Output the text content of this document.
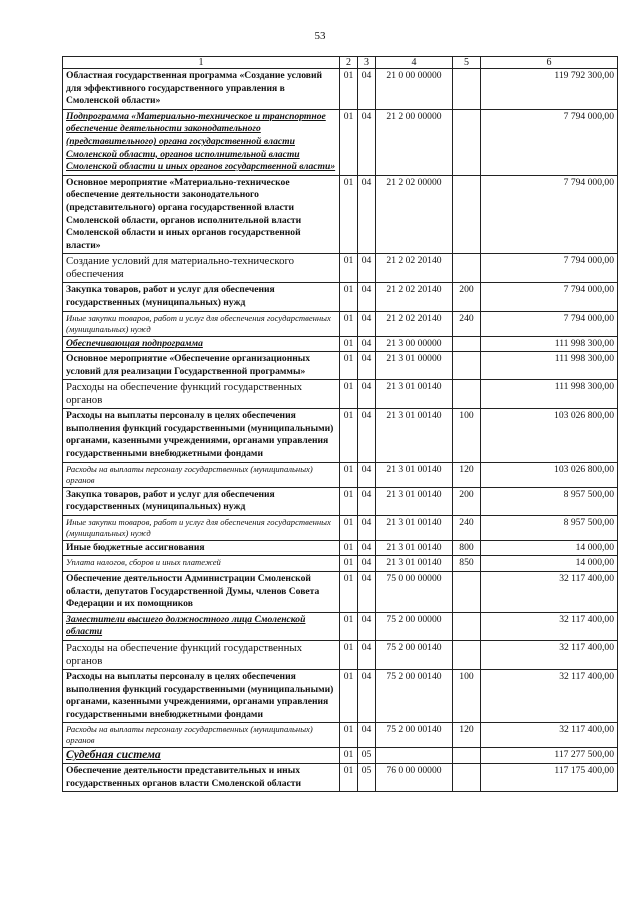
53
1	2	3	4	5	6
Областная государственная программа «Создание условий для эффективного государственного управления в Смоленской области»	01	04	21 0 00 00000		119 792 300,00
Подпрограмма «Материально-техническое и транспортное обеспечение деятельности законодательного (представительного) органа государственной власти Смоленской области, органов исполнительной власти Смоленской области и иных органов государственной власти»	01	04	21 2 00 00000		7 794 000,00
Основное мероприятие «Материально-техническое обеспечение деятельности законодательного (представительного) органа государственной власти Смоленской области, органов исполнительной власти Смоленской области и иных органов государственной власти»	01	04	21 2 02 00000		7 794 000,00
Создание условий для материально-технического обеспечения	01	04	21 2 02 20140		7 794 000,00
Закупка товаров, работ и услуг для обеспечения государственных (муниципальных) нужд	01	04	21 2 02 20140	200	7 794 000,00
Иные закупки товаров, работ и услуг для обеспечения государственных (муниципальных) нужд	01	04	21 2 02 20140	240	7 794 000,00
Обеспечивающая подпрограмма	01	04	21 3 00 00000		111 998 300,00
Основное мероприятие «Обеспечение организационных условий для реализации Государственной программы»	01	04	21 3 01 00000		111 998 300,00
Расходы на обеспечение функций государственных органов	01	04	21 3 01 00140		111 998 300,00
Расходы на выплаты персоналу в целях обеспечения выполнения функций государственными (муниципальными) органами, казенными учреждениями, органами управления государственными внебюджетными фондами	01	04	21 3 01 00140	100	103 026 800,00
Расходы на выплаты персоналу государственных (муниципальных) органов	01	04	21 3 01 00140	120	103 026 800,00
Закупка товаров, работ и услуг для обеспечения государственных (муниципальных) нужд	01	04	21 3 01 00140	200	8 957 500,00
Иные закупки товаров, работ и услуг для обеспечения государственных (муниципальных) нужд	01	04	21 3 01 00140	240	8 957 500,00
Иные бюджетные ассигнования	01	04	21 3 01 00140	800	14 000,00
Уплата налогов, сборов и иных платежей	01	04	21 3 01 00140	850	14 000,00
Обеспечение деятельности Администрации Смоленской области, депутатов Государственной Думы, членов Совета Федерации и их помощников	01	04	75 0 00 00000		32 117 400,00
Заместители высшего должностного лица Смоленской области	01	04	75 2 00 00000		32 117 400,00
Расходы на обеспечение функций государственных органов	01	04	75 2 00 00140		32 117 400,00
Расходы на выплаты персоналу в целях обеспечения выполнения функций государственными (муниципальными) органами, казенными учреждениями, органами управления государственными внебюджетными фондами	01	04	75 2 00 00140	100	32 117 400,00
Расходы на выплаты персоналу государственных (муниципальных) органов	01	04	75 2 00 00140	120	32 117 400,00
Судебная система	01	05			117 277 500,00
Обеспечение деятельности представительных и иных государственных органов власти Смоленской области	01	05	76 0 00 00000		117 175 400,00
